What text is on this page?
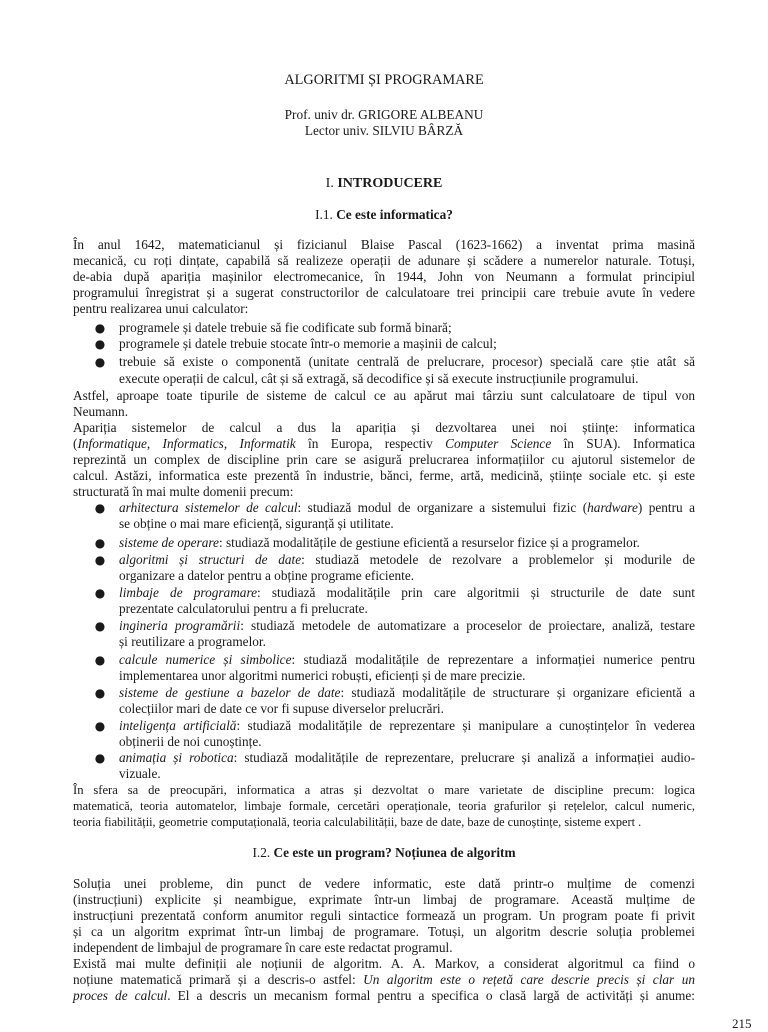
ALGORITMI ȘI PROGRAMARE
Prof. univ dr. GRIGORE ALBEANU
Lector univ. SILVIU BÂRZĂ
I. INTRODUCERE
I.1. Ce este informatica?
I.2. Ce este un program? Noțiunea de algoritm
În anul 1642, matematicianul și fizicianul Blaise Pascal (1623-1662) a inventat prima masină
mecanică, cu roți dințate, capabilă să realizeze operații de adunare și scădere a numerelor naturale. Totuși,
de-abia după apariția mașinilor electromecanice, în 1944, John von Neumann a formulat principiul
programului înregistrat și a sugerat constructorilor de calculatoare trei principii care trebuie avute în vedere
pentru realizarea unui calculator:
● programele și datele trebuie să fie codificate sub formă binară;
● programele și datele trebuie stocate într-o memorie a mașinii de calcul;
● trebuie să existe o componentă (unitate centrală de prelucrare, procesor) specială care știe atât să
execute operații de calcul, cât și să extragă, să decodifice și să execute instrucțiunile programului.
Astfel, aproape toate tipurile de sisteme de calcul ce au apărut mai târziu sunt calculatoare de tipul von
Neumann.
Apariția sistemelor de calcul a dus la apariția și dezvoltarea unei noi științe: informatica
(Informatique, Informatics, Informatik în Europa, respectiv Computer Science în SUA). Informatica
reprezintă un complex de discipline prin care se asigură prelucrarea informațiilor cu ajutorul sistemelor de
calcul. Astăzi, informatica este prezentă în industrie, bănci, ferme, artă, medicină, științe sociale etc. și este
structurată în mai multe domenii precum:
● arhitectura sistemelor de calcul: studiază modul de organizare a sistemului fizic (hardware) pentru a
se obține o mai mare eficiență, siguranță și utilitate.
● sisteme de operare: studiază modalitățile de gestiune eficientă a resurselor fizice și a programelor.
● algoritmi și structuri de date: studiază metodele de rezolvare a problemelor și modurile de
organizare a datelor pentru a obține programe eficiente.
● limbaje de programare: studiază modalitățile prin care algoritmii și structurile de date sunt
prezentate calculatorului pentru a fi prelucrate.
● ingineria programării: studiază metodele de automatizare a proceselor de proiectare, analiză, testare
și reutilizare a programelor.
● calcule numerice și simbolice: studiază modalitățile de reprezentare a informației numerice pentru
implementarea unor algoritmi numerici robuști, eficienți și de mare precizie.
● sisteme de gestiune a bazelor de date: studiază modalitățile de structurare și organizare eficientă a
colecțiilor mari de date ce vor fi supuse diverselor prelucrări.
● inteligența artificială: studiază modalitățile de reprezentare și manipulare a cunoștințelor în vederea
obținerii de noi cunoștințe.
● animația și robotica: studiază modalitățile de reprezentare, prelucrare și analiză a informației audio-
vizuale.
În sfera sa de preocupări, informatica a atras și dezvoltat o mare varietate de discipline precum: logica
matematică, teoria automatelor, limbaje formale, cercetări operaționale, teoria grafurilor și rețelelor, calcul numeric,
teoria fiabilității, geometrie computațională, teoria calculabilității, baze de date, baze de cunoștințe, sisteme expert .
Soluția unei probleme, din punct de vedere informatic, este dată printr-o mulțime de comenzi
(instrucțiuni) explicite și neambigue, exprimate într-un limbaj de programare. Această mulțime de
instrucțiuni prezentată conform anumitor reguli sintactice formează un program. Un program poate fi privit
și ca un algoritm exprimat într-un limbaj de programare. Totuși, un algoritm descrie soluția problemei
independent de limbajul de programare în care este redactat programul.
Există mai multe definiții ale noțiunii de algoritm. A. A. Markov, a considerat algoritmul ca fiind o
noțiune matematică primară și a descris-o astfel: Un algoritm este o rețetă care descrie precis și clar un
proces de calcul. El a descris un mecanism formal pentru a specifica o clasă largă de activități și anume:
215
